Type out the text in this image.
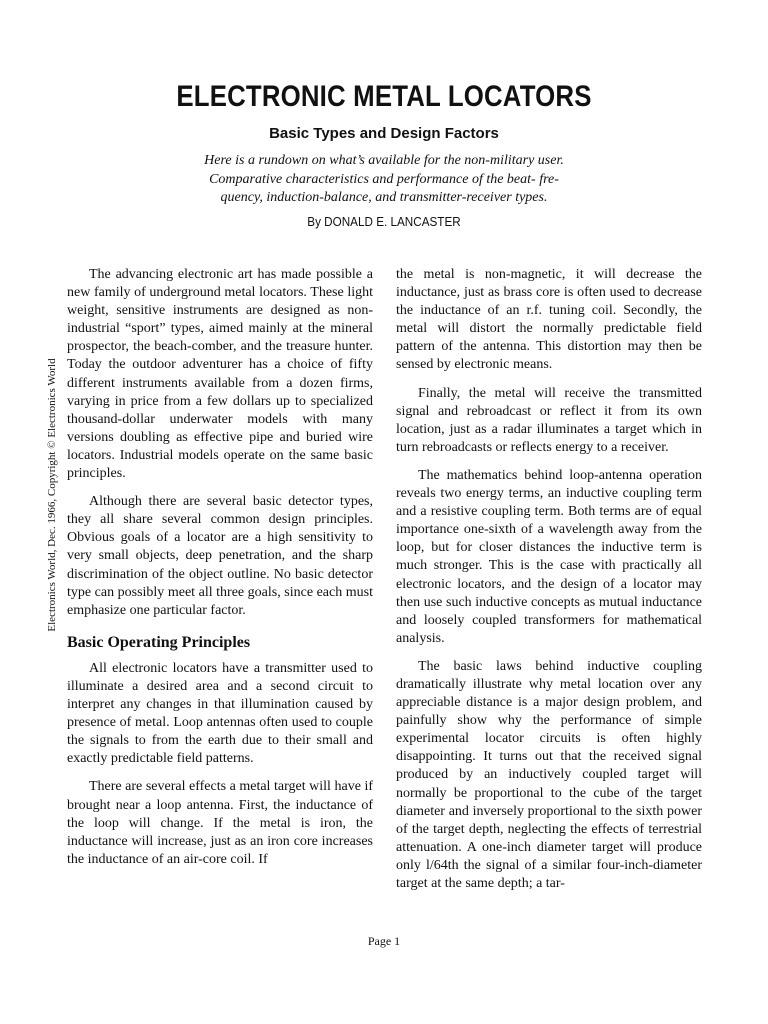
ELECTRONIC METAL LOCATORS
Basic Types and Design Factors
Here is a rundown on what’s available for the non-military user.
Comparative characteristics and performance of the beat- fre-
quency, induction-balance, and transmitter-receiver types.
By DONALD E. LANCASTER
Electronics World, Dec. 1966, Copyright © Electronics World

The advancing electronic art has made possible a new family of underground metal locators. These light weight, sensitive instruments are designed as non-industrial “sport” types, aimed mainly at the mineral prospector, the beach-comber, and the treasure hunter. Today the outdoor adventurer has a choice of fifty different instruments available from a dozen firms, varying in price from a few dollars up to specialized thousand-dollar underwater models with many versions doubling as effective pipe and buried wire locators. Industrial models operate on the same basic principles.

Although there are several basic detector types, they all share several common design principles. Obvious goals of a locator are a high sensitivity to very small objects, deep penetration, and the sharp discrimination of the object outline. No basic detector type can possibly meet all three goals, since each must emphasize one particular factor.

Basic Operating Principles

All electronic locators have a transmitter used to illuminate a desired area and a second circuit to interpret any changes in that illumination caused by presence of metal. Loop antennas often used to couple the signals to from the earth due to their small and exactly predictable field patterns.

There are several effects a metal target will have if brought near a loop antenna. First, the inductance of the loop will change. If the metal is iron, the inductance will increase, just as an iron core increases the inductance of an air-core coil. If

the metal is non-magnetic, it will decrease the inductance, just as brass core is often used to decrease the inductance of an r.f. tuning coil. Secondly, the metal will distort the normally predictable field pattern of the antenna. This distortion may then be sensed by electronic means.

Finally, the metal will receive the transmitted signal and rebroadcast or reflect it from its own location, just as a radar illuminates a target which in turn rebroadcasts or reflects energy to a receiver.

The mathematics behind loop-antenna operation reveals two energy terms, an inductive coupling term and a resistive coupling term. Both terms are of equal importance one-sixth of a wavelength away from the loop, but for closer distances the inductive term is much stronger. This is the case with practically all electronic locators, and the design of a locator may then use such inductive concepts as mutual inductance and loosely coupled transformers for mathematical analysis.

The basic laws behind inductive coupling dramatically illustrate why metal location over any appreciable distance is a major design problem, and painfully show why the performance of simple experimental locator circuits is often highly disappointing. It turns out that the received signal produced by an inductively coupled target will normally be proportional to the cube of the target diameter and inversely proportional to the sixth power of the target depth, neglecting the effects of terrestrial attenuation. A one-inch diameter target will produce only l/64th the signal of a similar four-inch-diameter target at the same depth; a tar-

Page 1
